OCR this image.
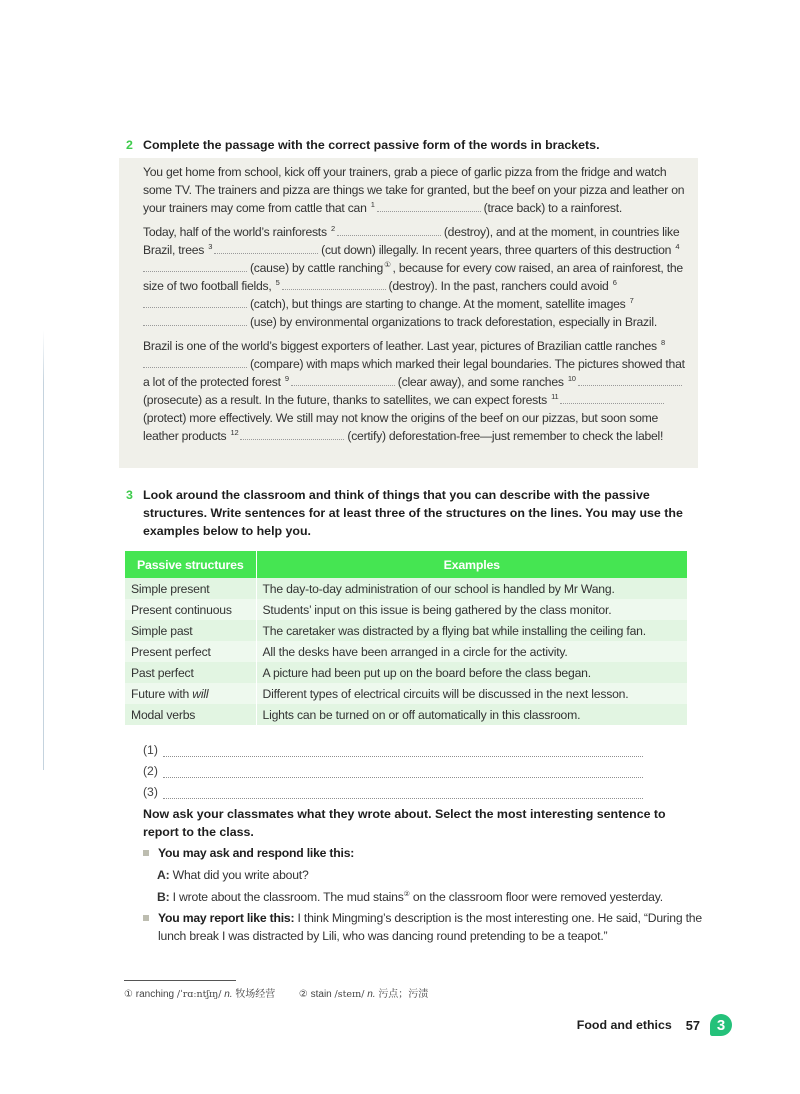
2 Complete the passage with the correct passive form of the words in brackets.

You get home from school, kick off your trainers, grab a piece of garlic pizza from the fridge and watch some TV. The trainers and pizza are things we take for granted, but the beef on your pizza and leather on your trainers may come from cattle that can $^1$	(trace back) to a rainforest.

Today, half of the world’s rainforests $^2$	(destroy), and at the moment, in countries like Brazil, trees $^3$	(cut down) illegally. In recent years, three quarters of this destruction $^4$(cause) by cattle ranching① , because for every cow raised, an area of rainforest, the size of two football fields, $^5$	(destroy). In the past, ranchers could avoid $^6$(catch), but things are starting to change. At the moment, satellite images $^7$(use) by environmental organizations to track deforestation, especially in Brazil.

Brazil is one of the world’s biggest exporters of leather. Last year, pictures of Brazilian cattle ranches $^8$(compare) with maps which marked their legal boundaries. The pictures showed that a lot of the protected forest $^9$	(clear away), and some ranches $^{10}$(prosecute) as a result. In the future, thanks to satellites, we can expect forests $^{11}$(protect) more effectively. We still may not know the origins of the beef on our pizzas, but soon some leather products $^{12}$	(certify) deforestation-free—just remember to check the label!

3 Look around the classroom and think of things that you can describe with the passive structures. Write sentences for at least three of the structures on the lines. You may use the examples below to help you.
Passive structures	Examples
Simple present	The day-to-day administration of our school is handled by Mr Wang.
Present continuous	Students’ input on this issue is being gathered by the class monitor.
Simple past	The caretaker was distracted by a flying bat while installing the ceiling fan.
Present perfect	All the desks have been arranged in a circle for the activity.
Past perfect	A picture had been put up on the board before the class began.
Future with will	Different types of electrical circuits will be discussed in the next lesson.
Modal verbs	Lights can be turned on or off automatically in this classroom.
(1)
(2)
(3)
Now ask your classmates what they wrote about. Select the most interesting sentence to report to the class.
You may ask and respond like this:
A: What did you write about?
B: I wrote about the classroom. The mud stains② on the classroom floor were removed yesterday.
You may report like this: I think Mingming’s description is the most interesting one. He said, “During the lunch break I was distracted by Lili, who was dancing round pretending to be a teapot.”
① ranching /ˈrɑːntʃɪŋ/ n. 牧场经营 ② stain /steɪn/ n. 污点；污渍
Food and ethics 57	3
